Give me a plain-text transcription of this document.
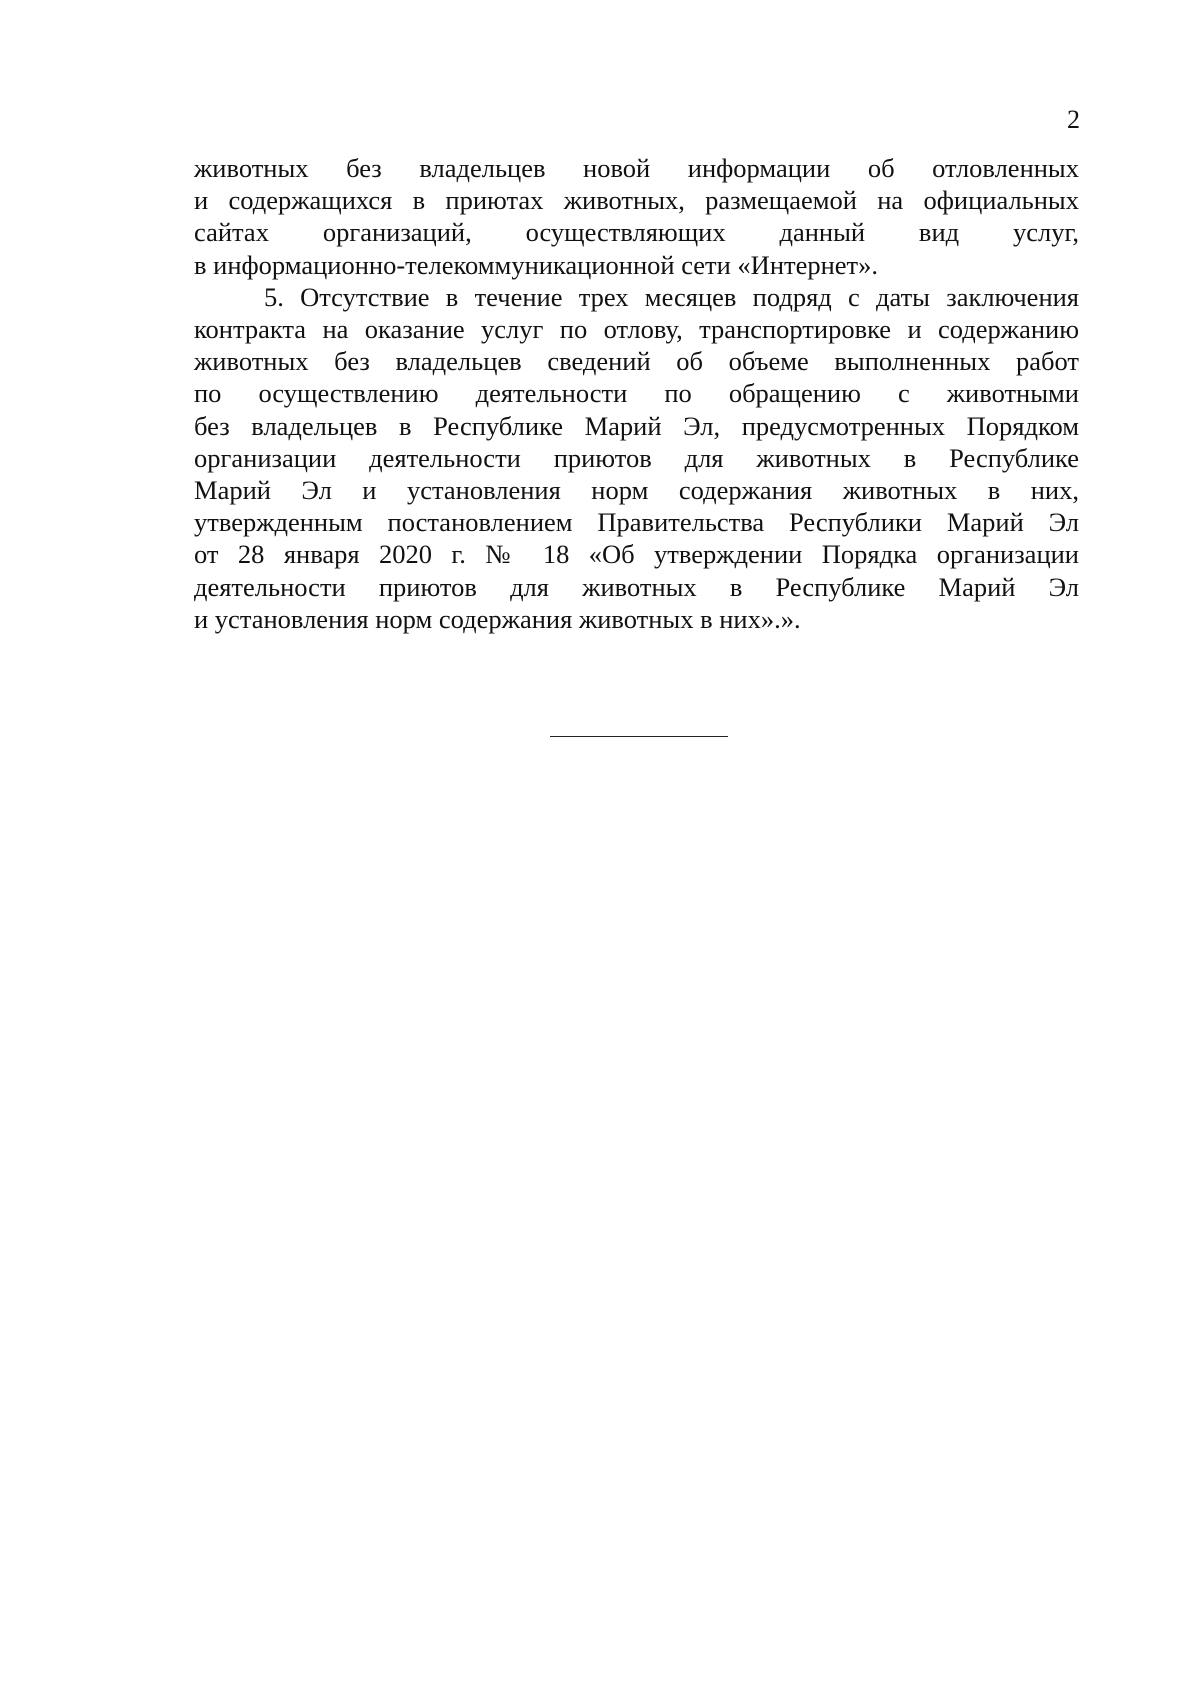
2
животных без владельцев новой информации об отловленных
и содержащихся в приютах животных, размещаемой на официальных
сайтах организаций, осуществляющих данный вид услуг,
в информационно-телекоммуникационной сети «Интернет».
5. Отсутствие в течение трех месяцев подряд с даты заключения
контракта на оказание услуг по отлову, транспортировке и содержанию
животных без владельцев сведений об объеме выполненных работ
по осуществлению деятельности по обращению с животными
без владельцев в Республике Марий Эл, предусмотренных Порядком
организации деятельности приютов для животных в Республике
Марий Эл и установления норм содержания животных в них,
утвержденным постановлением Правительства Республики Марий Эл
от 28 января 2020 г. № 18 «Об утверждении Порядка организации
деятельности приютов для животных в Республике Марий Эл
и установления норм содержания животных в них».».
